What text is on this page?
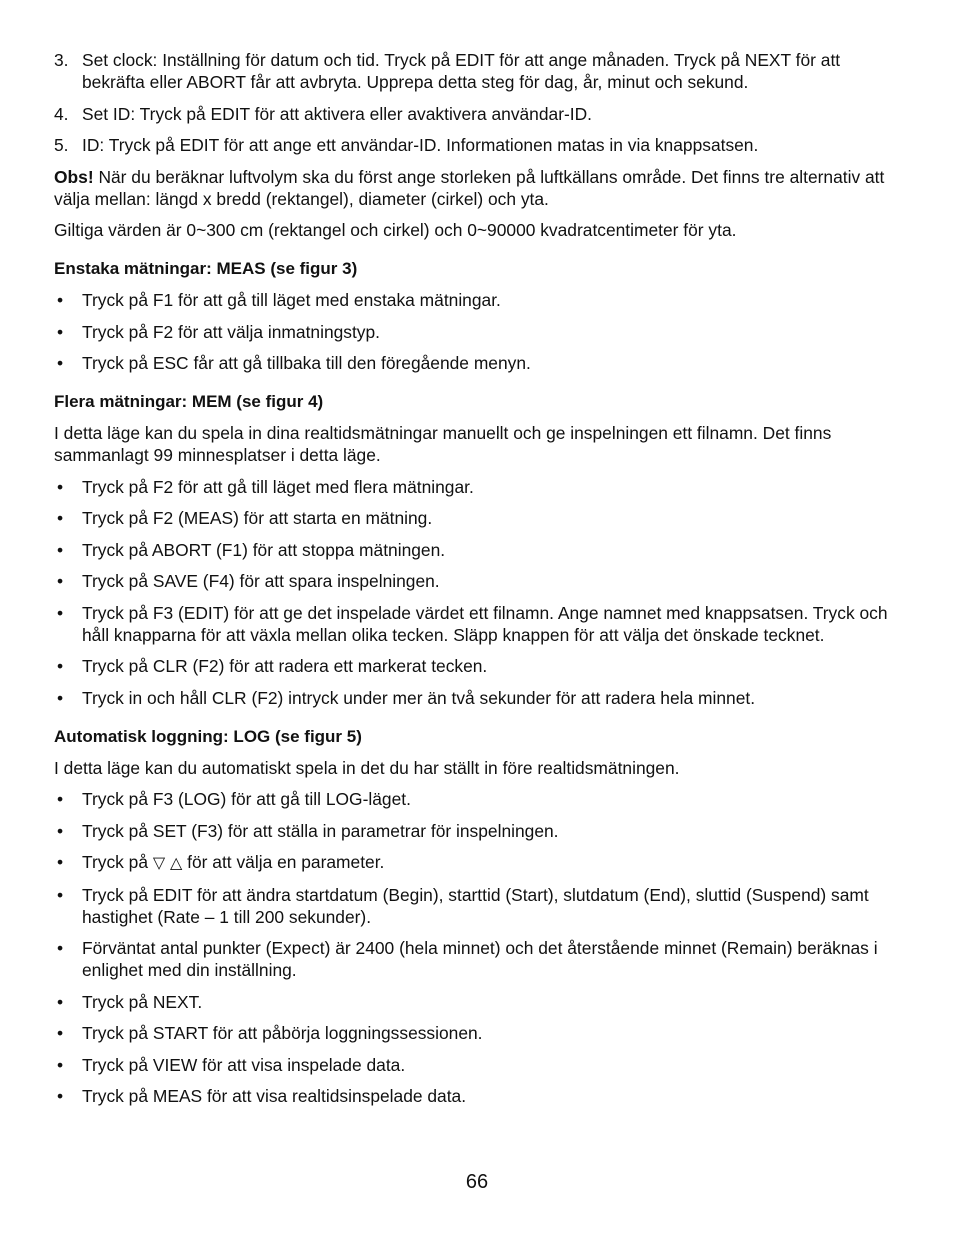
3. Set clock: Inställning för datum och tid. Tryck på EDIT för att ange månaden. Tryck på NEXT för att bekräfta eller ABORT får att avbryta. Upprepa detta steg för dag, år, minut och sekund.
4. Set ID: Tryck på EDIT för att aktivera eller avaktivera användar-ID.
5. ID: Tryck på EDIT för att ange ett användar-ID. Informationen matas in via knappsatsen.

Obs! När du beräknar luftvolym ska du först ange storleken på luftkällans område. Det finns tre alternativ att välja mellan: längd x bredd (rektangel), diameter (cirkel) och yta.

Giltiga värden är 0~300 cm (rektangel och cirkel) och 0~90000 kvadratcentimeter för yta.

Enstaka mätningar: MEAS (se figur 3)
•	Tryck på F1 för att gå till läget med enstaka mätningar.
•	Tryck på F2 för att välja inmatningstyp.
•	Tryck på ESC får att gå tillbaka till den föregående menyn.
Flera mätningar: MEM (se figur 4)

I detta läge kan du spela in dina realtidsmätningar manuellt och ge inspelningen ett filnamn. Det finns sammanlagt 99 minnesplatser i detta läge.

•	Tryck på F2 för att gå till läget med flera mätningar.
•	Tryck på F2 (MEAS) för att starta en mätning.
•	Tryck på ABORT (F1) för att stoppa mätningen.
•	Tryck på SAVE (F4) för att spara inspelningen.
•	Tryck på F3 (EDIT) för att ge det inspelade värdet ett filnamn. Ange namnet med knappsatsen. Tryck och håll knapparna för att växla mellan olika tecken. Släpp knappen för att välja det önskade tecknet.
•	Tryck på CLR (F2) för att radera ett markerat tecken.
•	Tryck in och håll CLR (F2) intryck under mer än två sekunder för att radera hela minnet.
Automatisk loggning: LOG (se figur 5)

I detta läge kan du automatiskt spela in det du har ställt in före realtidsmätningen.

•	Tryck på F3 (LOG) för att gå till LOG-läget.
•	Tryck på SET (F3) för att ställa in parametrar för inspelningen.
•	Tryck på ▽ △ för att välja en parameter.
•	Tryck på EDIT för att ändra startdatum (Begin), starttid (Start), slutdatum (End), sluttid (Suspend) samt hastighet (Rate – 1 till 200 sekunder).
•	Förväntat antal punkter (Expect) är 2400 (hela minnet) och det återstående minnet (Remain) beräknas i enlighet med din inställning.
•	Tryck på NEXT.
•	Tryck på START för att påbörja loggningssessionen.
•	Tryck på VIEW för att visa inspelade data.
•	Tryck på MEAS för att visa realtidsinspelade data.
66
